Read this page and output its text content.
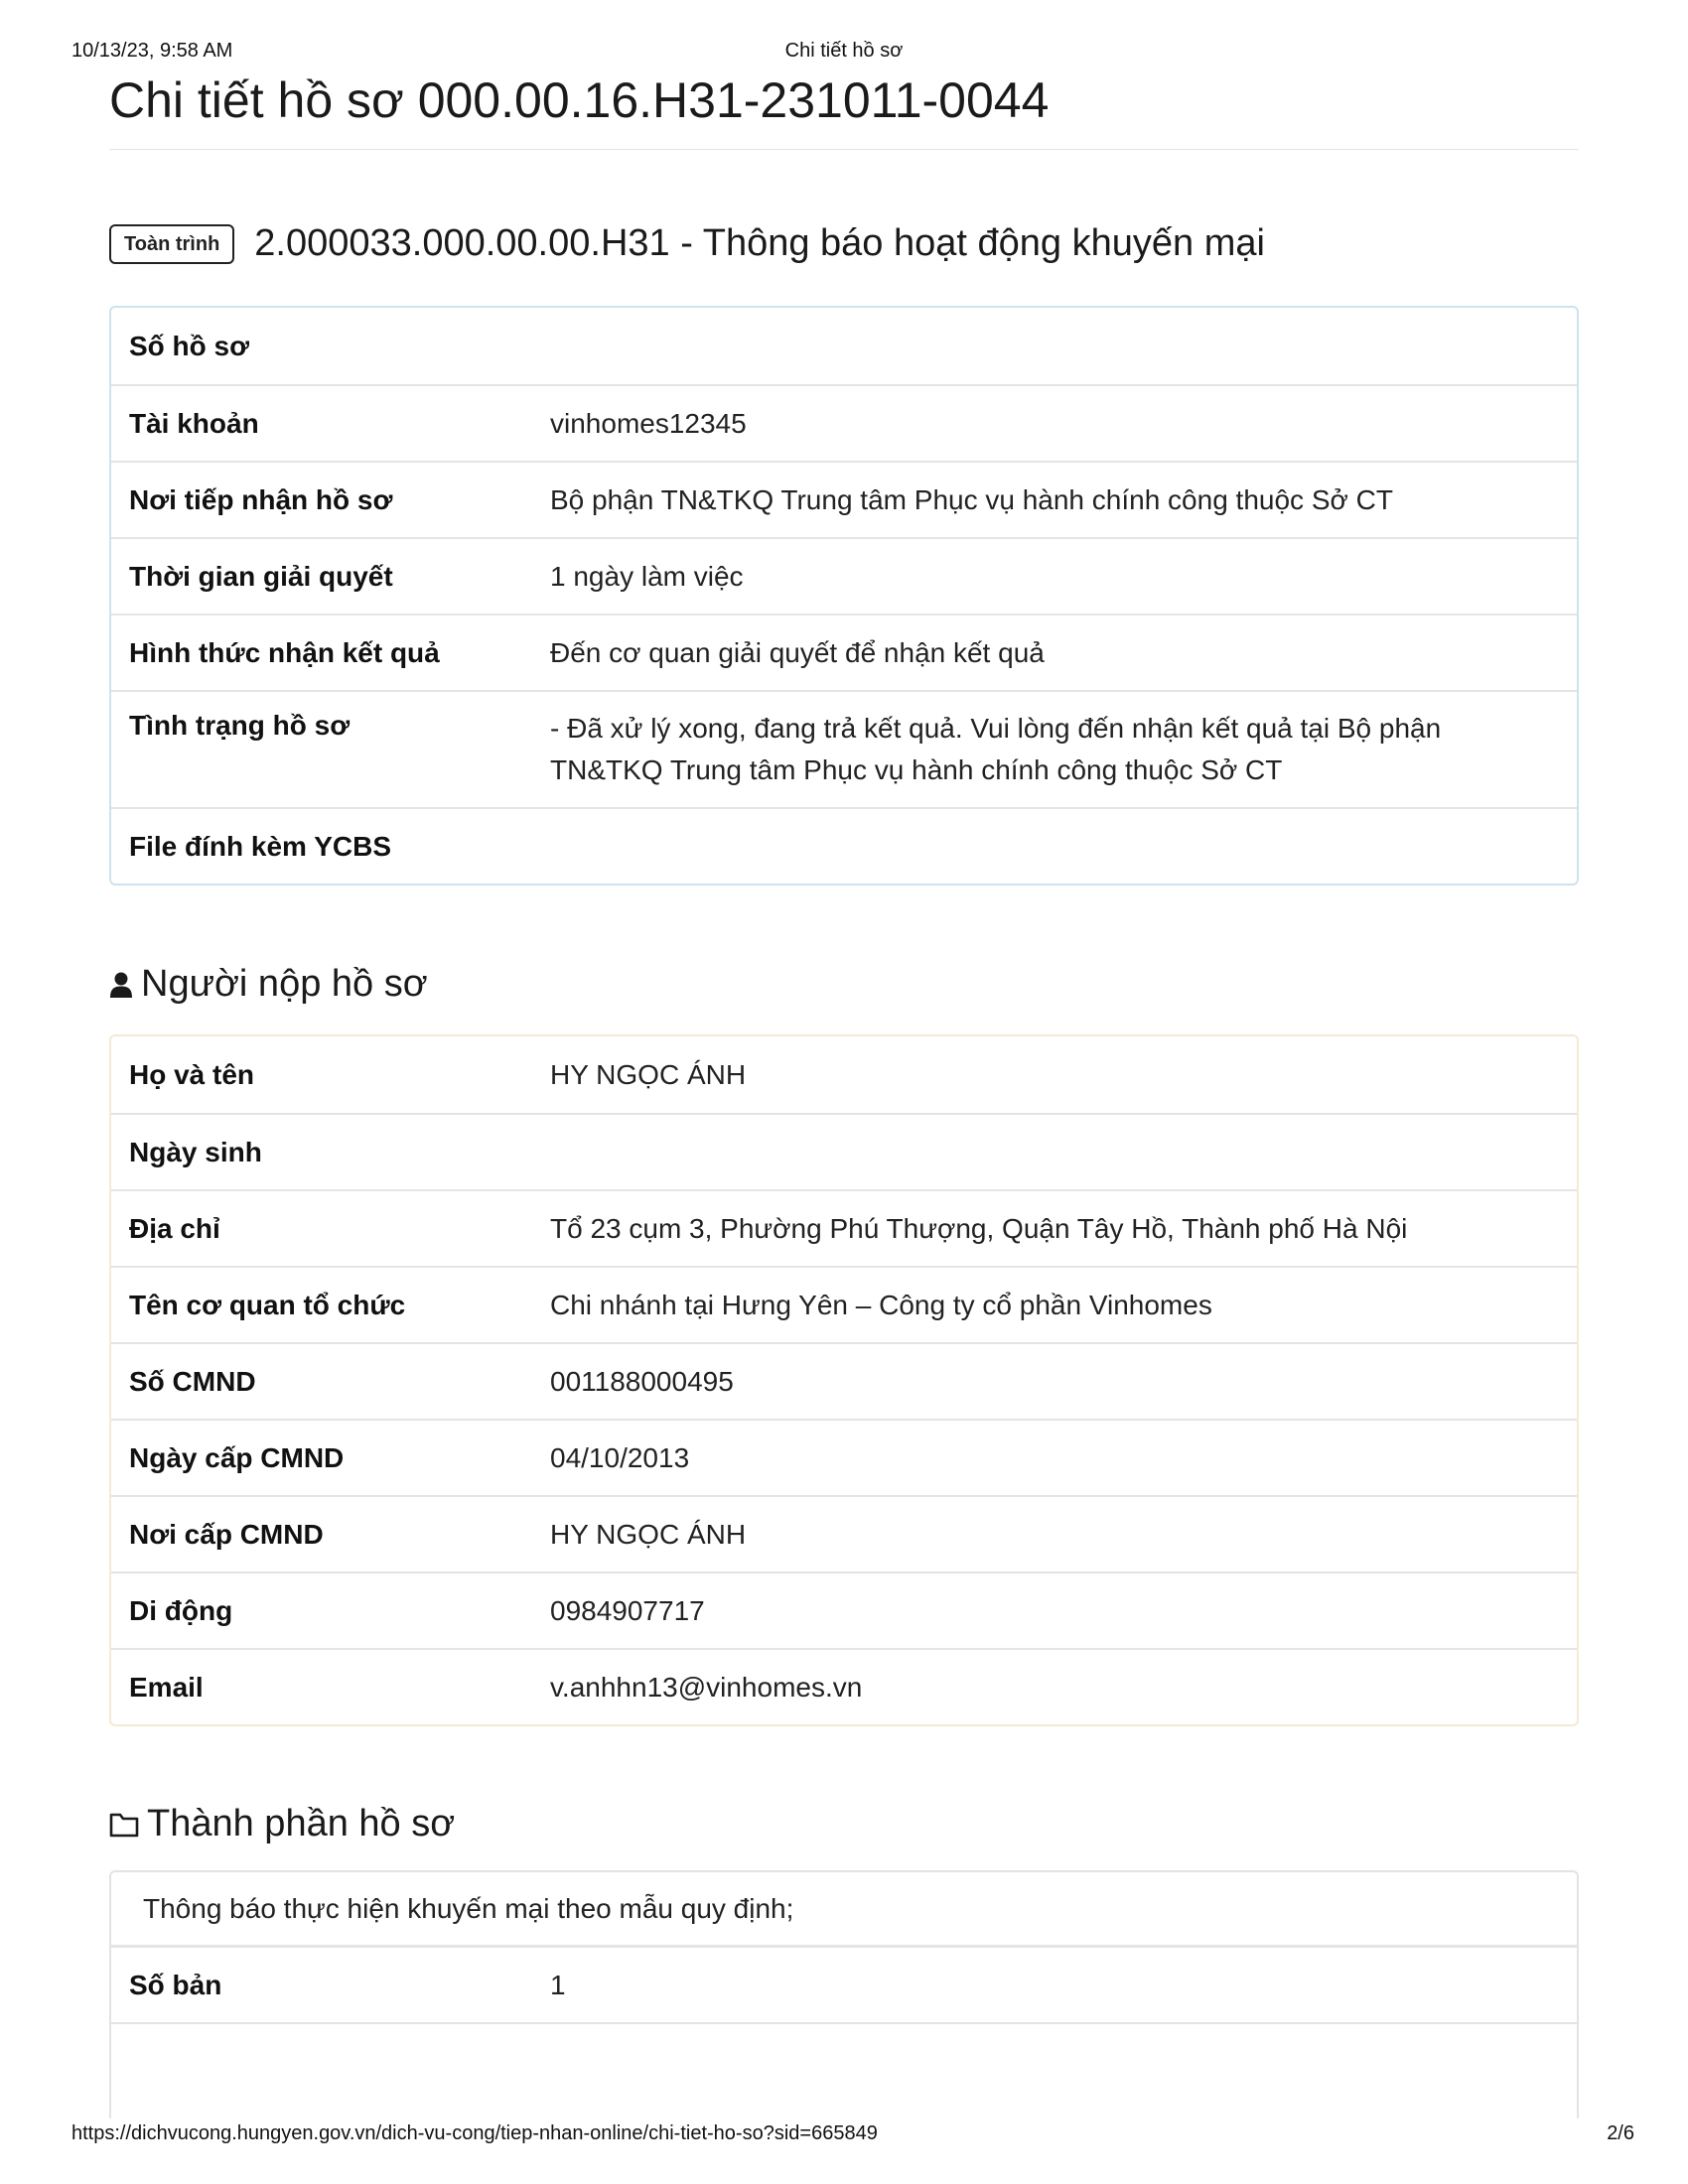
10/13/23, 9:58 AM	Chi tiết hồ sơ
Chi tiết hồ sơ 000.00.16.H31-231011-0044
Toàn trình 2.000033.000.00.00.H31 - Thông báo hoạt động khuyến mại
Số hồ sơ
Tài khoản	vinhomes12345
Nơi tiếp nhận hồ sơ	Bộ phận TN&TKQ Trung tâm Phục vụ hành chính công thuộc Sở CT
Thời gian giải quyết	1 ngày làm việc
Hình thức nhận kết quả	Đến cơ quan giải quyết để nhận kết quả
Tình trạng hồ sơ	- Đã xử lý xong, đang trả kết quả. Vui lòng đến nhận kết quả tại Bộ phận TN&TKQ Trung tâm Phục vụ hành chính công thuộc Sở CT
File đính kèm YCBS
Người nộp hồ sơ
Họ và tên	HY NGỌC ÁNH
Ngày sinh
Địa chỉ	Tổ 23 cụm 3, Phường Phú Thượng, Quận Tây Hồ, Thành phố Hà Nội
Tên cơ quan tổ chức	Chi nhánh tại Hưng Yên – Công ty cổ phần Vinhomes
Số CMND	001188000495
Ngày cấp CMND	04/10/2013
Nơi cấp CMND	HY NGỌC ÁNH
Di động	0984907717
Email	v.anhhn13@vinhomes.vn
Thành phần hồ sơ
Thông báo thực hiện khuyến mại theo mẫu quy định;
Số bản	1
https://dichvucong.hungyen.gov.vn/dich-vu-cong/tiep-nhan-online/chi-tiet-ho-so?sid=665849	2/6
